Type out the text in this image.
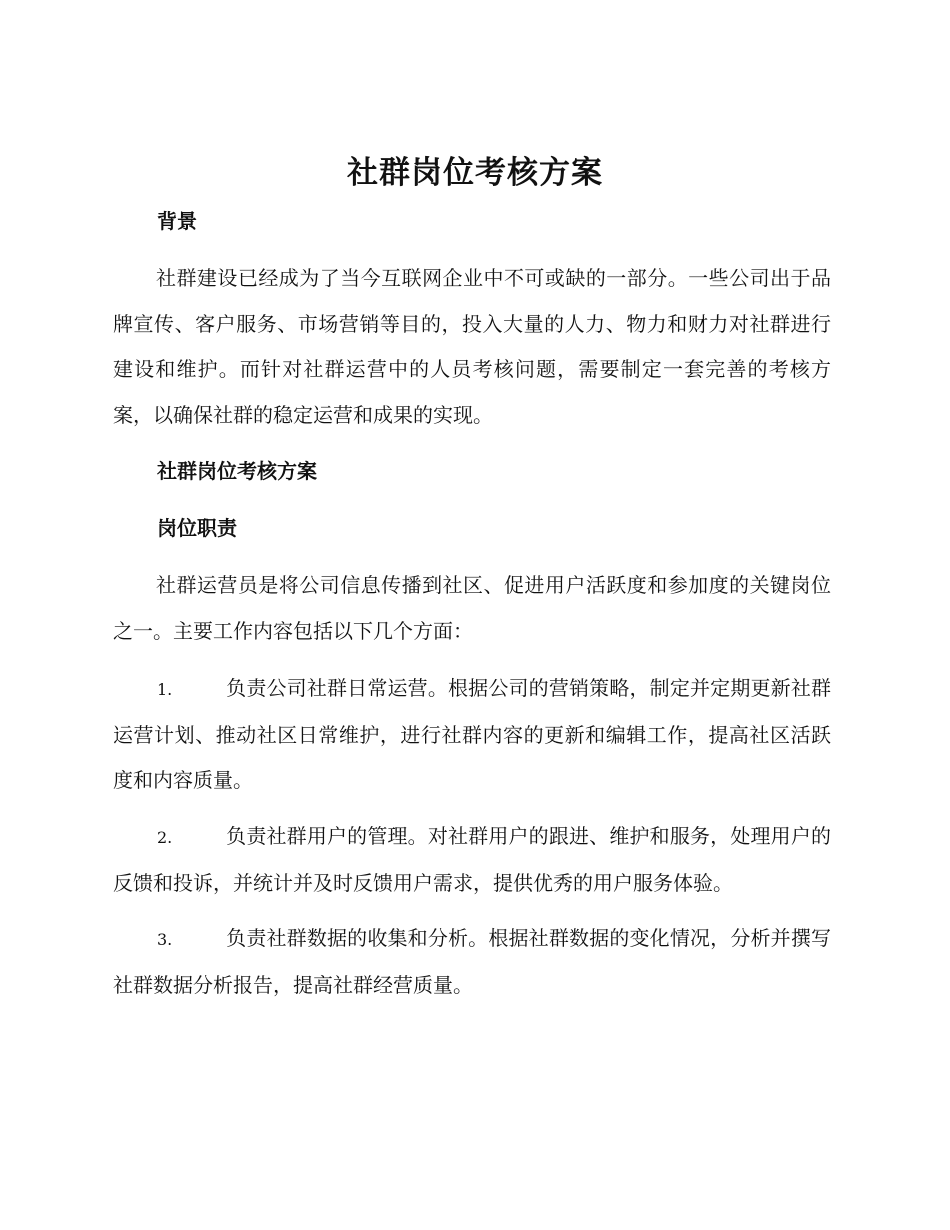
社群岗位考核方案
背景

社群建设已经成为了当今互联网企业中不可或缺的一部分。一些公司出于品牌宣传、客户服务、市场营销等目的，投入大量的人力、物力和财力对社群进行建设和维护。而针对社群运营中的人员考核问题，需要制定一套完善的考核方案，以确保社群的稳定运营和成果的实现。

社群岗位考核方案
岗位职责

社群运营员是将公司信息传播到社区、促进用户活跃度和参加度的关键岗位之一。主要工作内容包括以下几个方面：

1.	负责公司社群日常运营。根据公司的营销策略，制定并定期更新社群运营计划、推动社区日常维护，进行社群内容的更新和编辑工作，提高社区活跃度和内容质量。

2.	负责社群用户的管理。对社群用户的跟进、维护和服务，处理用户的反馈和投诉，并统计并及时反馈用户需求，提供优秀的用户服务体验。

3.	负责社群数据的收集和分析。根据社群数据的变化情况，分析并撰写社群数据分析报告，提高社群经营质量。
